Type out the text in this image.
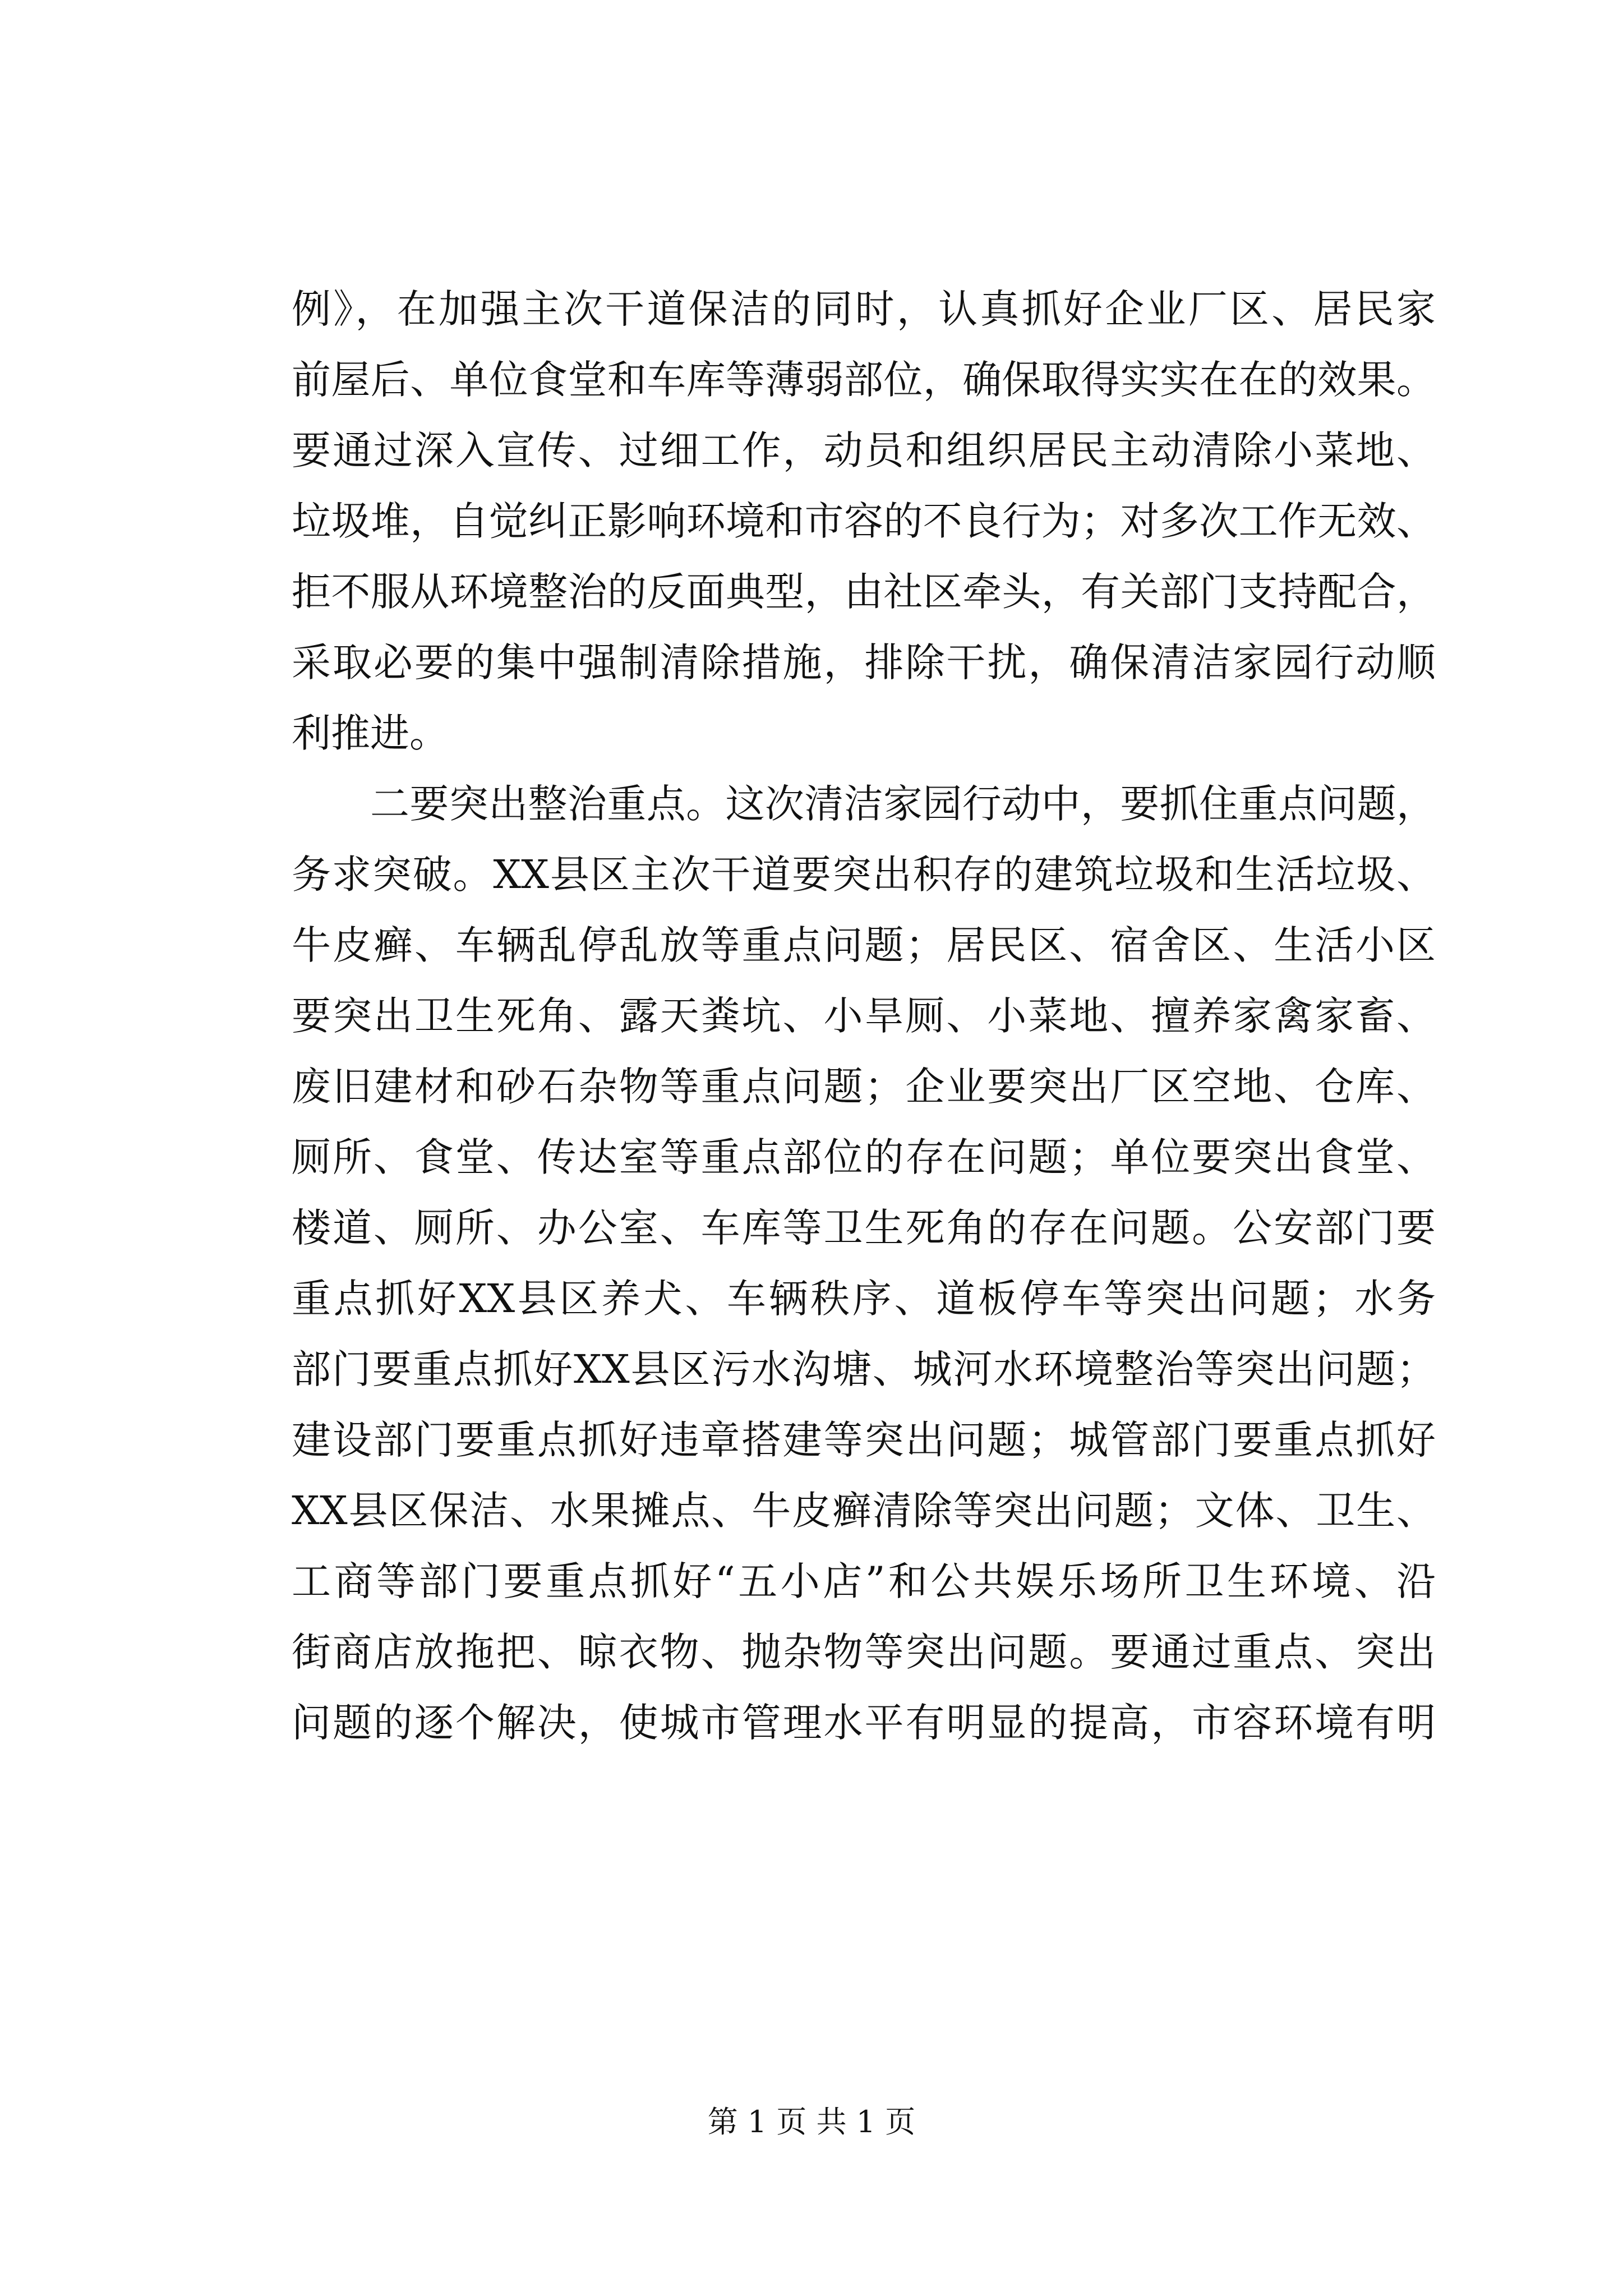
例》，在加强主次干道保洁的同时，认真抓好企业厂区、居民家
前屋后、单位食堂和车库等薄弱部位，确保取得实实在在的效果。
要通过深入宣传、过细工作，动员和组织居民主动清除小菜地、
垃圾堆，自觉纠正影响环境和市容的不良行为；对多次工作无效、
拒不服从环境整治的反面典型，由社区牵头，有关部门支持配合，
采取必要的集中强制清除措施，排除干扰，确保清洁家园行动顺
利推进。
二要突出整治重点。这次清洁家园行动中，要抓住重点问题，
务求突破。XX县区主次干道要突出积存的建筑垃圾和生活垃圾、
牛皮癣、车辆乱停乱放等重点问题；居民区、宿舍区、生活小区
要突出卫生死角、露天粪坑、小旱厕、小菜地、擅养家禽家畜、
废旧建材和砂石杂物等重点问题；企业要突出厂区空地、仓库、
厕所、食堂、传达室等重点部位的存在问题；单位要突出食堂、
楼道、厕所、办公室、车库等卫生死角的存在问题。公安部门要
重点抓好XX县区养犬、车辆秩序、道板停车等突出问题；水务
部门要重点抓好XX县区污水沟塘、城河水环境整治等突出问题；
建设部门要重点抓好违章搭建等突出问题；城管部门要重点抓好
XX县区保洁、水果摊点、牛皮癣清除等突出问题；文体、卫生、
工商等部门要重点抓好“五小店”和公共娱乐场所卫生环境、沿
街商店放拖把、晾衣物、抛杂物等突出问题。要通过重点、突出
问题的逐个解决，使城市管理水平有明显的提高，市容环境有明
第 1 页 共 1 页
